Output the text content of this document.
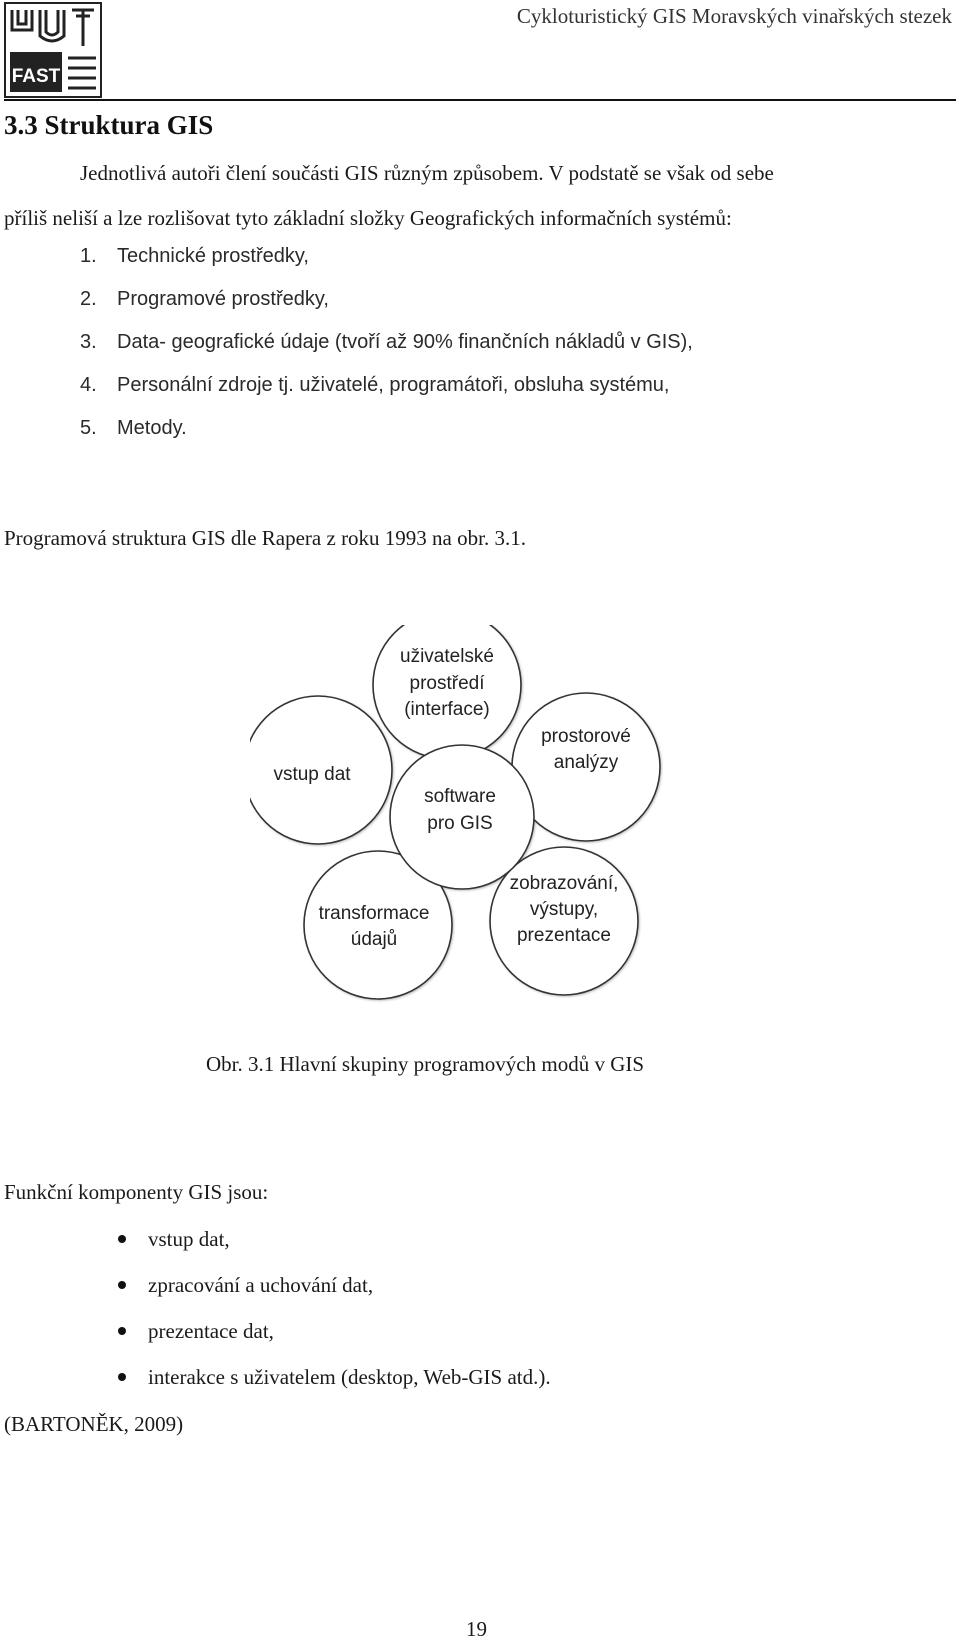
FAST
Cykloturistický GIS Moravských vinařských stezek
3.3 Struktura GIS
Jednotlivá autoři člení součásti GIS různým způsobem. V podstatě se však od sebe
příliš neliší a lze rozlišovat tyto základní složky Geografických informačních systémů:
1. Technické prostředky,
2. Programové prostředky,
3. Data- geografické údaje (tvoří až 90% finančních nákladů v GIS),
4. Personální zdroje tj. uživatelé, programátoři, obsluha systému,
5. Metody.
Programová struktura GIS dle Rapera z roku 1993 na obr. 3.1.
uživatelské
prostředí
(interface)
prostorové
analýzy
zobrazování,
výstupy,
prezentace
transformace
údajů
vstup dat
software
pro GIS
Obr. 3.1 Hlavní skupiny programových modů v GIS
Funkční komponenty GIS jsou:
vstup dat,
zpracování a uchování dat,
prezentace dat,
interakce s uživatelem (desktop, Web-GIS atd.).
(BARTONĚK, 2009)
19
